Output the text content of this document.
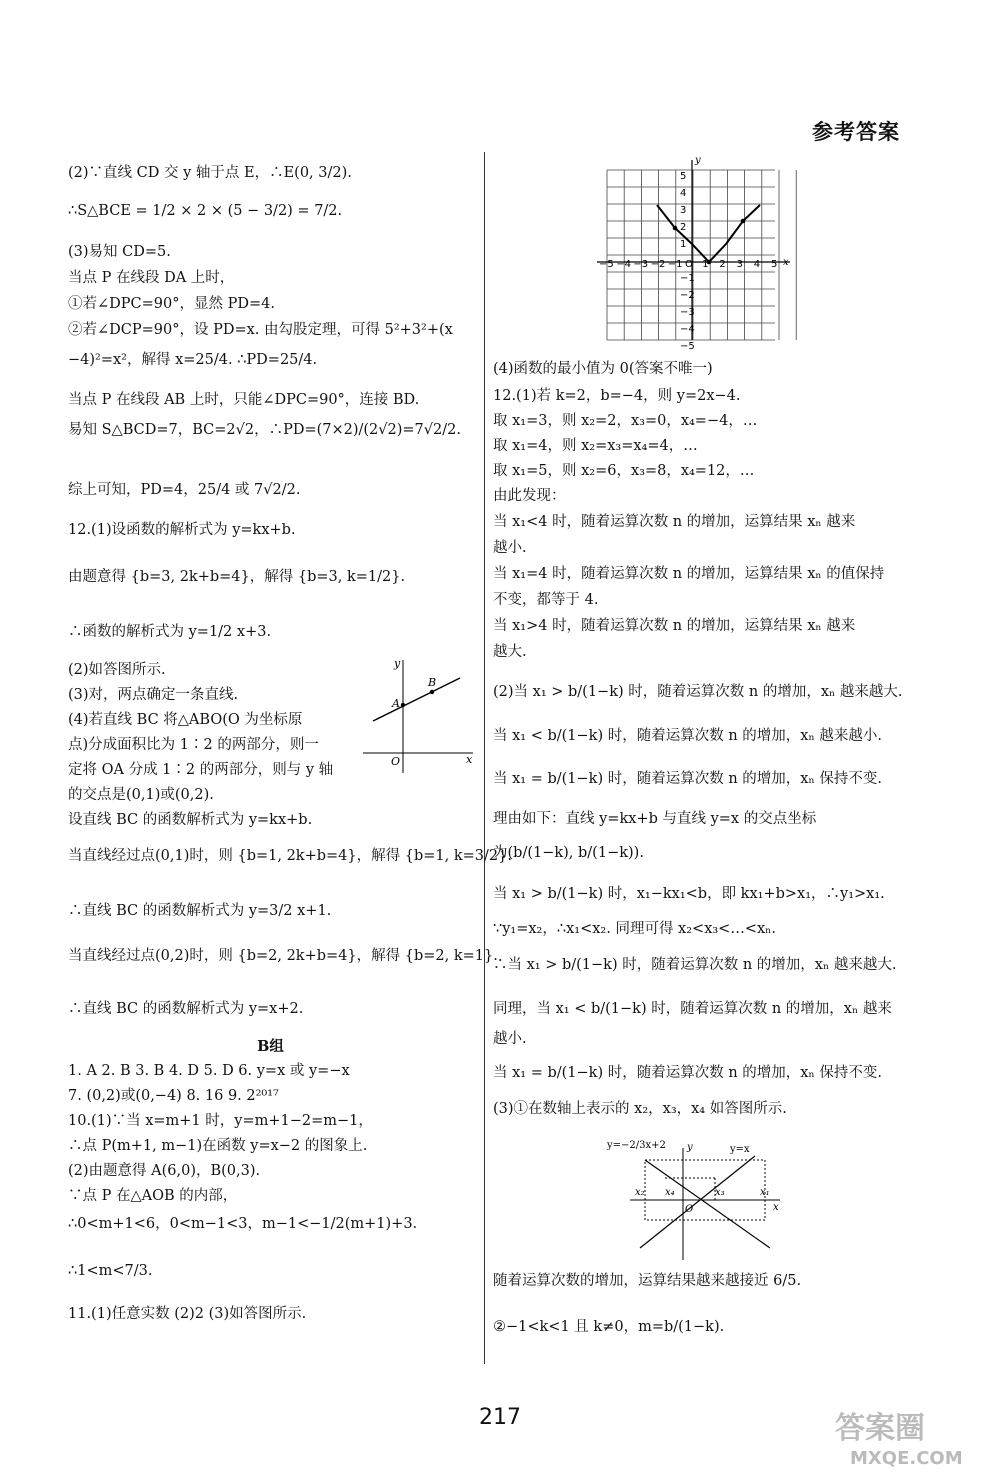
参考答案
(2)∵直线 CD 交 y 轴于点 E，∴E(0, 3/2).
∴S△BCE = 1/2 × 2 × (5 − 3/2) = 7/2.
(3)易知 CD=5.
当点 P 在线段 DA 上时，
①若∠DPC=90°，显然 PD=4.
②若∠DCP=90°，设 PD=x. 由勾股定理，可得 5²+3²+(x
−4)²=x²，解得 x=25/4. ∴PD=25/4.
当点 P 在线段 AB 上时，只能∠DPC=90°，连接 BD.
易知 S△BCD=7，BC=2√2，∴PD=(7×2)/(2√2)=7√2/2.
综上可知，PD=4，25/4 或 7√2/2.
12.(1)设函数的解析式为 y=kx+b.
由题意得 {b=3, 2k+b=4}，解得 {b=3, k=1/2}.
∴函数的解析式为 y=1/2 x+3.
(2)如答图所示.
(3)对，两点确定一条直线.
(4)若直线 BC 将△ABO(O 为坐标原
点)分成面积比为 1∶2 的两部分，则一
定将 OA 分成 1∶2 的两部分，则与 y 轴
的交点是(0,1)或(0,2).
设直线 BC 的函数解析式为 y=kx+b.
当直线经过点(0,1)时，则 {b=1, 2k+b=4}，解得 {b=1, k=3/2}.
∴直线 BC 的函数解析式为 y=3/2 x+1.
当直线经过点(0,2)时，则 {b=2, 2k+b=4}，解得 {b=2, k=1}.
∴直线 BC 的函数解析式为 y=x+2.
B组
1. A 2. B 3. B 4. D 5. D 6. y=x 或 y=−x
7. (0,2)或(0,−4) 8. 16 9. 2²⁰¹⁷
10.(1)∵当 x=m+1 时，y=m+1−2=m−1，
∴点 P(m+1, m−1)在函数 y=x−2 的图象上.
(2)由题意得 A(6,0)，B(0,3).
∵点 P 在△AOB 的内部，
∴0<m+1<6，0<m−1<3，m−1<−1/2(m+1)+3.
∴1<m<7/3.
11.(1)任意实数 (2)2 (3)如答图所示.
(4)函数的最小值为 0(答案不唯一)
12.(1)若 k=2，b=−4，则 y=2x−4.
取 x₁=3，则 x₂=2，x₃=0，x₄=−4，…
取 x₁=4，则 x₂=x₃=x₄=4，…
取 x₁=5，则 x₂=6，x₃=8，x₄=12，…
由此发现：
当 x₁<4 时，随着运算次数 n 的增加，运算结果 xₙ 越来
越小.
当 x₁=4 时，随着运算次数 n 的增加，运算结果 xₙ 的值保持
不变，都等于 4.
当 x₁>4 时，随着运算次数 n 的增加，运算结果 xₙ 越来
越大.
(2)当 x₁ > b/(1−k) 时，随着运算次数 n 的增加，xₙ 越来越大.
当 x₁ < b/(1−k) 时，随着运算次数 n 的增加，xₙ 越来越小.
当 x₁ = b/(1−k) 时，随着运算次数 n 的增加，xₙ 保持不变.
理由如下：直线 y=kx+b 与直线 y=x 的交点坐标
为(b/(1−k), b/(1−k)).
当 x₁ > b/(1−k) 时，x₁−kx₁<b，即 kx₁+b>x₁，∴y₁>x₁.
∵y₁=x₂，∴x₁<x₂. 同理可得 x₂<x₃<…<xₙ.
∴当 x₁ > b/(1−k) 时，随着运算次数 n 的增加，xₙ 越来越大.
同理，当 x₁ < b/(1−k) 时，随着运算次数 n 的增加，xₙ 越来
越小.
当 x₁ = b/(1−k) 时，随着运算次数 n 的增加，xₙ 保持不变.
(3)①在数轴上表示的 x₂，x₃，x₄ 如答图所示.
随着运算次数的增加，运算结果越来越接近 6/5.
②−1<k<1 且 k≠0，m=b/(1−k).
x
y
−5 −4 −3 −2 −1 O 1 2 3 4 5
5
4
3
2
1
−1
−2
−3
−4
−5
A
B
O	x
y
y=−2/3x+2	y=x
x₁
x₂	x₃
x₄
O	x
y
217	答案圈
MXQE.COM
